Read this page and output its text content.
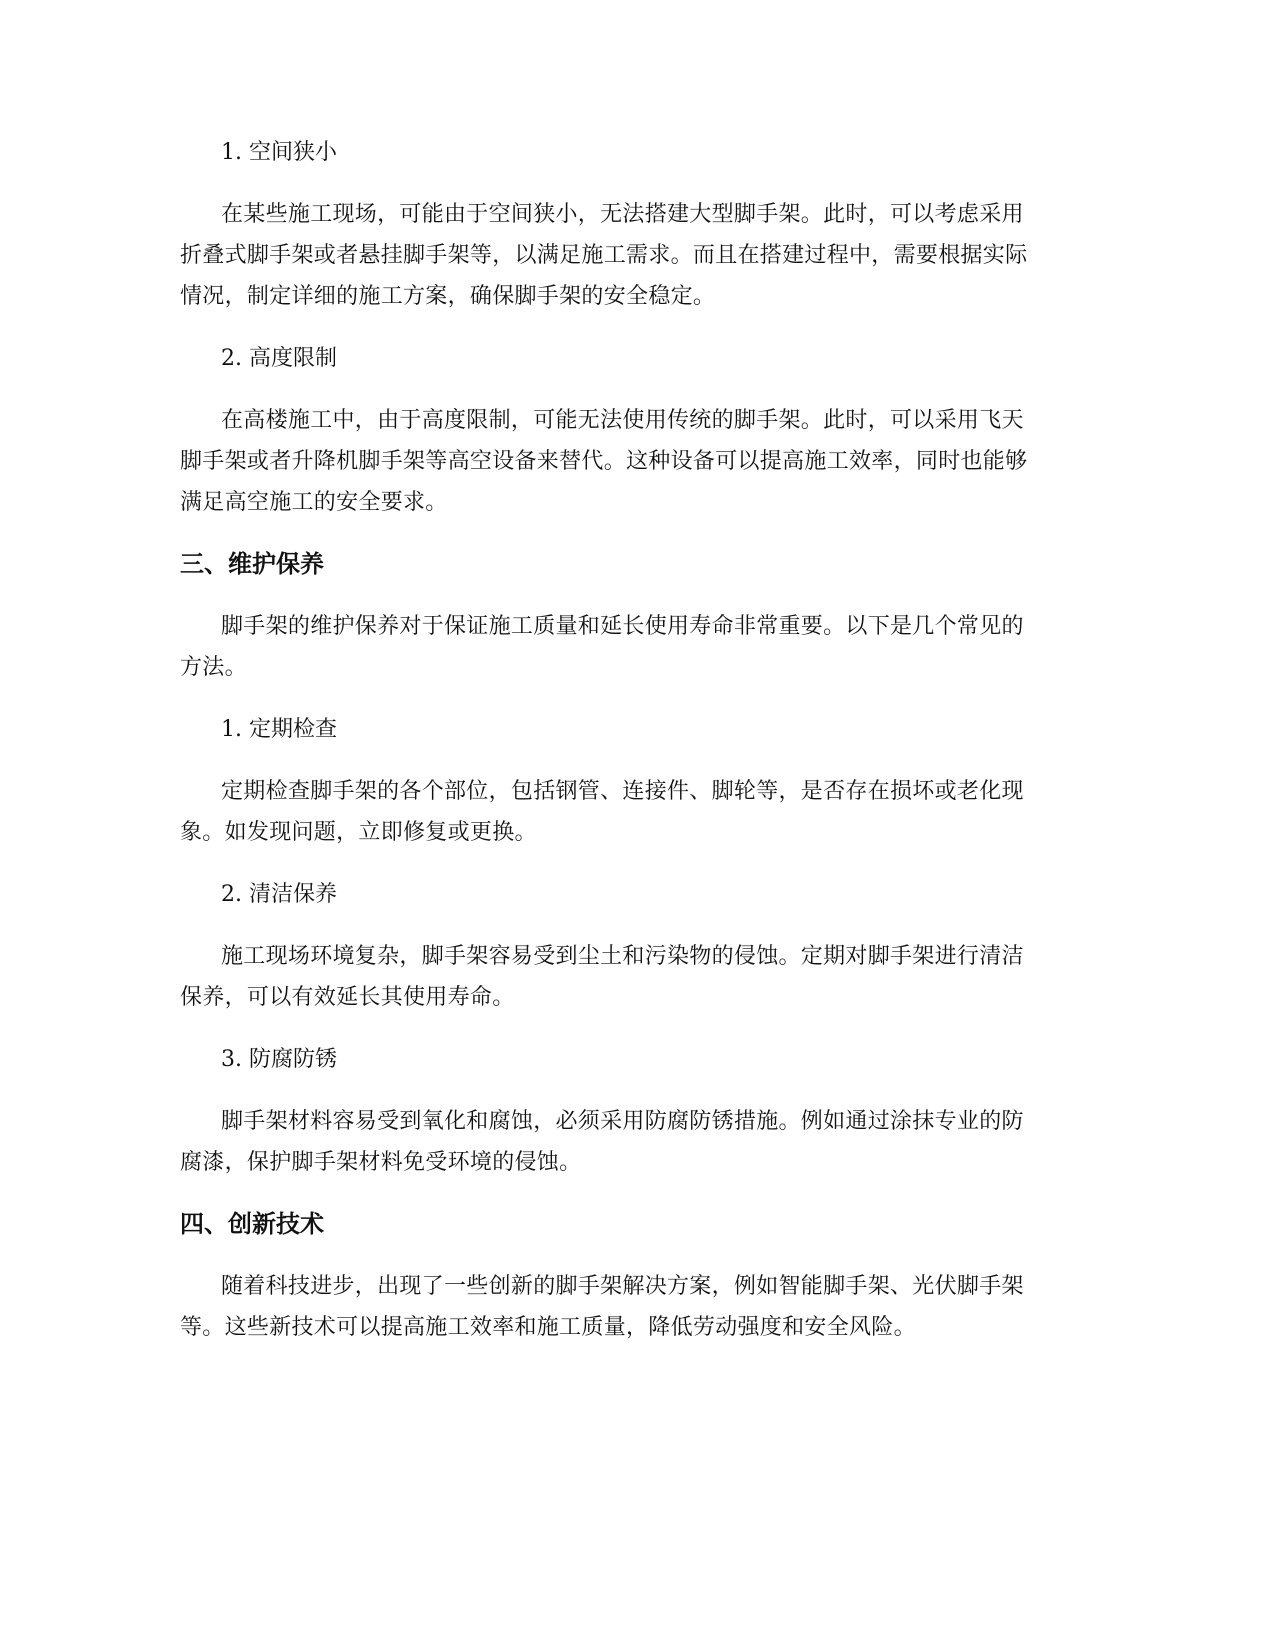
1. 空间狭小

在某些施工现场，可能由于空间狭小，无法搭建大型脚手架。此时，可以考虑采用折叠式脚手架或者悬挂脚手架等，以满足施工需求。而且在搭建过程中，需要根据实际情况，制定详细的施工方案，确保脚手架的安全稳定。

2. 高度限制

在高楼施工中，由于高度限制，可能无法使用传统的脚手架。此时，可以采用飞天脚手架或者升降机脚手架等高空设备来替代。这种设备可以提高施工效率，同时也能够满足高空施工的安全要求。

三、维护保养

脚手架的维护保养对于保证施工质量和延长使用寿命非常重要。以下是几个常见的方法。

1. 定期检查

定期检查脚手架的各个部位，包括钢管、连接件、脚轮等，是否存在损坏或老化现象。如发现问题，立即修复或更换。

2. 清洁保养

施工现场环境复杂，脚手架容易受到尘土和污染物的侵蚀。定期对脚手架进行清洁保养，可以有效延长其使用寿命。

3. 防腐防锈

脚手架材料容易受到氧化和腐蚀，必须采用防腐防锈措施。例如通过涂抹专业的防腐漆，保护脚手架材料免受环境的侵蚀。

四、创新技术

随着科技进步，出现了一些创新的脚手架解决方案，例如智能脚手架、光伏脚手架等。这些新技术可以提高施工效率和施工质量，降低劳动强度和安全风险。
